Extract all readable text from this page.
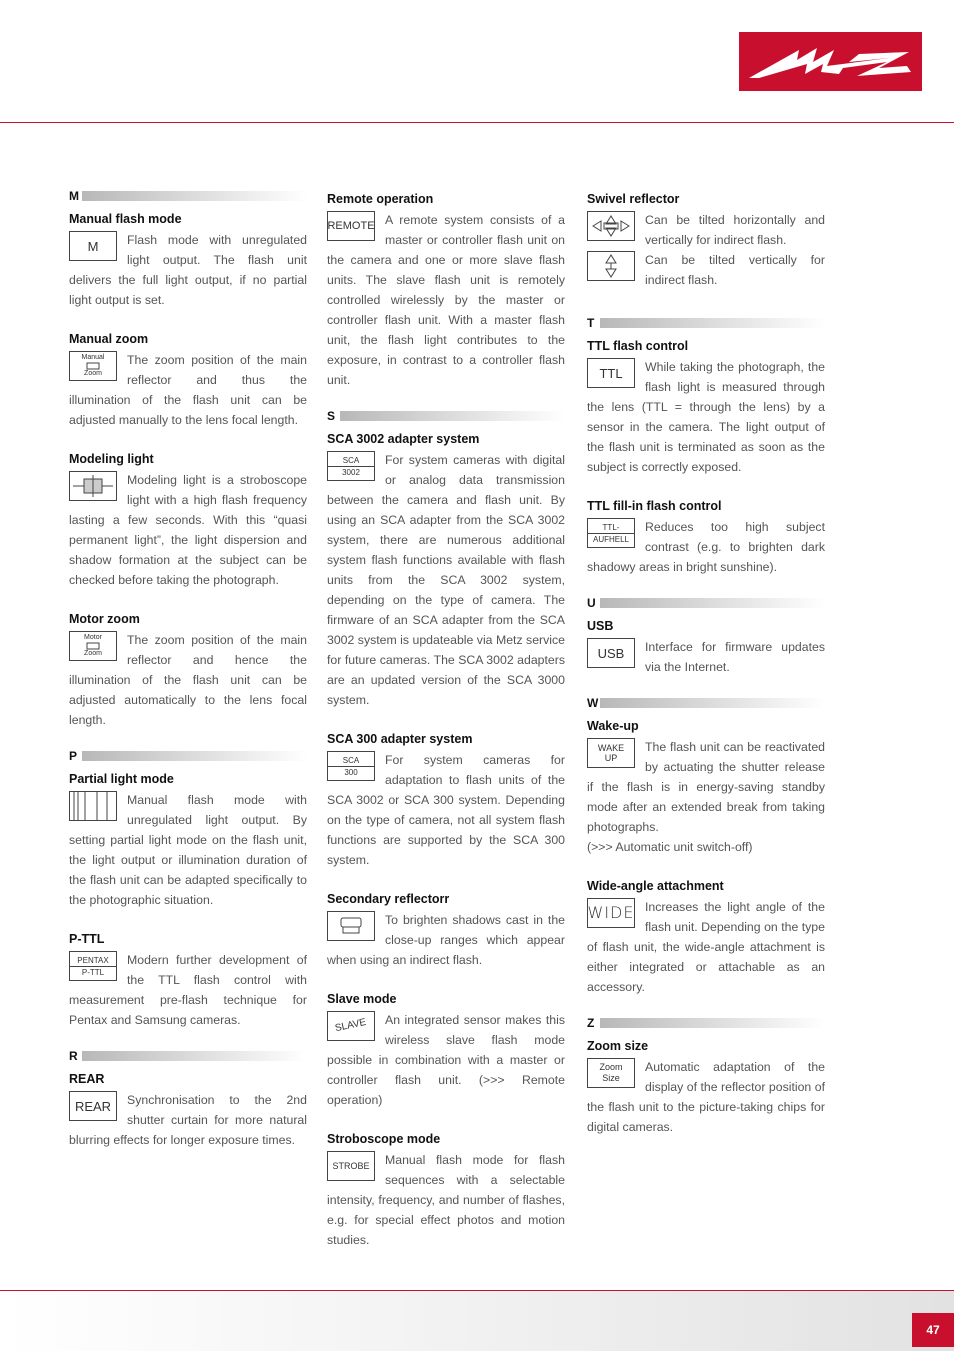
M
Manual flash mode
M	Flash mode with unregulated light output. The flash unit delivers the full light output, if no partial light output is set.

Manual zoom
Manual
Zoom

The zoom position of the main reflector and thus the illumination of the flash unit can be adjusted manually to the lens focal length.

Modeling light

Modeling light is a stroboscope light with a high flash frequency lasting a few seconds. With this “quasi permanent light”, the light dispersion and shadow formation at the subject can be checked before taking the photograph.

Motor zoom
Motor
Zoom

The zoom position of the main reflector and hence the illumination of the flash unit can be adjusted automatically to the lens focal length.

P
Partial light mode

Manual flash mode with unregulated light output. By setting partial light mode on the flash unit, the light output or illumination duration of the flash unit can be adapted specifically to the photographic situation.

P-TTL
PENTAX
P-TTL

Modern further development of the TTL flash control with measurement pre-flash technique for Pentax and Samsung cameras.

R
REAR
REAR	Synchronisation to the 2nd shutter curtain for more natural blurring effects for longer exposure times.

Remote operation
REMOTE A remote system consists of a master or controller flash unit on the camera and one or more slave flash units. The slave flash unit is remotely controlled wirelessly by the master or controller flash unit. With a master flash unit, the flash light contributes to the exposure, in contrast to a controller flash unit.

S
SCA 3002 adapter system
SCA
3002

For system cameras with digital or analog data transmission between the camera and flash unit. By using an SCA adapter from the SCA 3002 system, there are numerous additional system flash functions available with flash units from the SCA 3002 system, depending on the type of camera. The firmware of an SCA adapter from the SCA 3002 system is updateable via Metz service for future cameras. The SCA 3002 adapters are an updated version of the SCA 3000 system.

SCA 300 adapter system
SCA
300

For system cameras for adaptation to flash units of the SCA 3002 or SCA 300 system. Depending on the type of camera, not all system flash functions are supported by the SCA 300 system.

Secondary reflectorr

To brighten shadows cast in the close-up ranges which appear when using an indirect flash.

Slave mode
SLAVE	An integrated sensor makes this wireless slave flash mode possible in combination with a master or controller flash unit. (>>> Remote operation)

Stroboscope mode
STROBE	Manual flash mode for flash sequences with a selectable intensity, frequency, and number of flashes, e.g. for special effect photos and motion studies.

Swivel reflector

Can be tilted horizontally and vertically for indirect flash.

Can be tilted vertically for indirect flash.

T
TTL flash control
TTL	While taking the photograph, the flash light is measured through the lens (TTL = through the lens) by a sensor in the camera. The light output of the flash unit is terminated as soon as the subject is correctly exposed.

TTL fill-in flash control
TTL-
AUFHELL

Reduces too high subject contrast (e.g. to brighten dark shadowy areas in bright sunshine).

U
USB
USB	Interface for firmware updates via the Internet.

W
Wake-up
WAKE
UP

The flash unit can be reactivated by actuating the shutter release if the flash is in energy-saving standby mode after an extended break from taking photographs.
(>>> Automatic unit switch-off)

Wide-angle attachment
WIDE Increases the light angle of the flash unit. Depending on the type of flash unit, the wide-angle attachment is either integrated or attachable as an accessory.

Z
Zoom size
Zoom
Size

Automatic adaptation of the display of the reflector position of the flash unit to the picture-taking chips for digital cameras.

47
